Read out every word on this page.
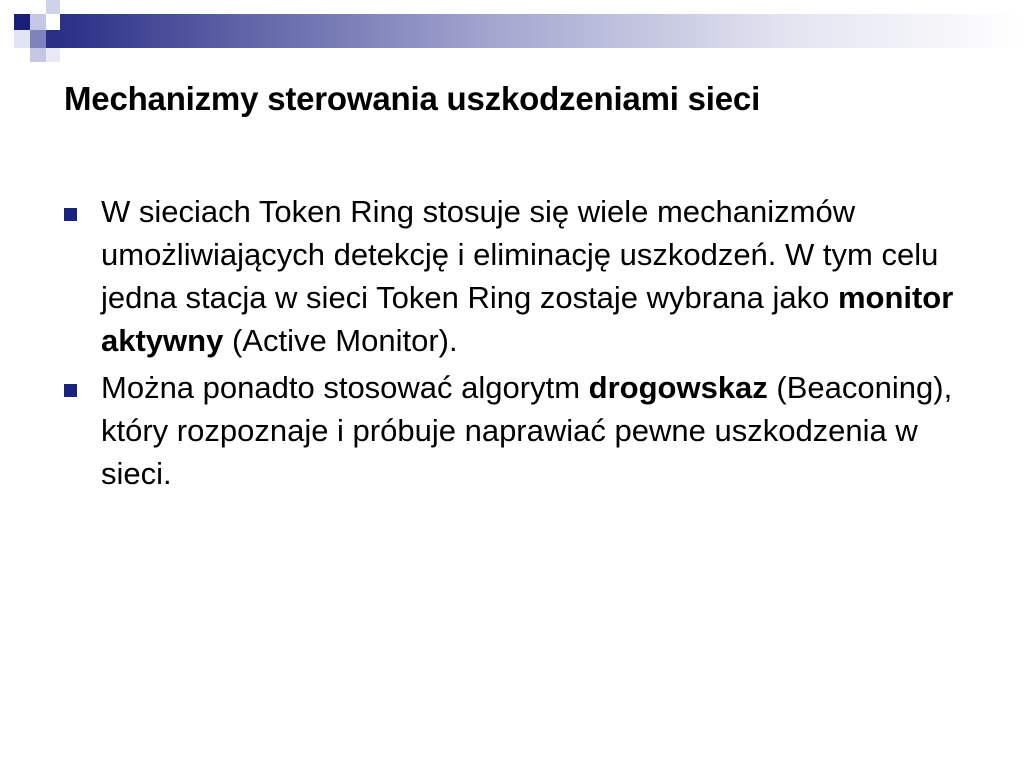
Mechanizmy sterowania uszkodzeniami sieci
W sieciach Token Ring stosuje się wiele mechanizmów umożliwiających detekcję i eliminację uszkodzeń. W tym celu jedna stacja w sieci Token Ring zostaje wybrana jako monitor aktywny (Active Monitor).
Można ponadto stosować algorytm drogowskaz (Beaconing), który rozpoznaje i próbuje naprawiać pewne uszkodzenia w sieci.
